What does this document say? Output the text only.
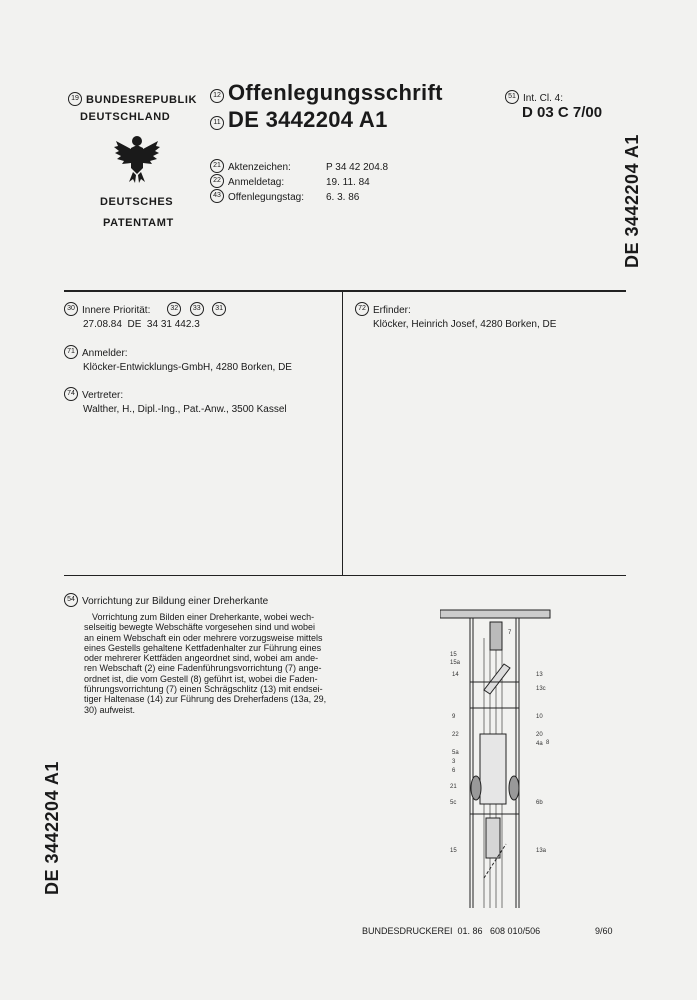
19 BUNDESREPUBLIK
DEUTSCHLAND
DEUTSCHES
PATENTAMT
12 Offenlegungsschrift
11 DE 3442204 A1
51 Int. Cl. 4:
D 03 C 7/00
21 Aktenzeichen:	P 34 42 204.8
22 Anmeldetag:	19. 11. 84
43 Offenlegungstag: 6. 3. 86	DE 3442204 A1
30 Innere Priorität:	32 33 31
27.08.84  DE  34 31 442.3
71 Anmelder:
Klöcker-Entwicklungs-GmbH, 4280 Borken, DE
74 Vertreter:
Walther, H., Dipl.-Ing., Pat.-Anw., 3500 Kassel
72 Erfinder:
Klöcker, Heinrich Josef, 4280 Borken, DE
54 Vorrichtung zur Bildung einer Dreherkante
Vorrichtung zum Bilden einer Dreherkante, wobei wech-
selseitig bewegte Webschäfte vorgesehen sind und wobei
an einem Webschaft ein oder mehrere vorzugsweise mittels
eines Gestells gehaltene Kettfadenhalter zur Führung eines
oder mehrerer Kettfäden angeordnet sind, wobei am ande-
ren Webschaft (2) eine Fadenführungsvorrichtung (7) ange-
ordnet ist, die vom Gestell (8) geführt ist, wobei die Faden-
führungsvorrichtung (7) einen Schrägschlitz (13) mit endsei-
tiger Haltenase (14) zur Führung des Dreherfadens (13a, 29,
30) aufweist.
DE 3442204 A1
7
15
15a
14	13
13c
9	10
22	20
4a 8
5a
3
6
21
5c	6b
15	13a
BUNDESDRUCKEREI  01. 86   608 010/506	9/60
